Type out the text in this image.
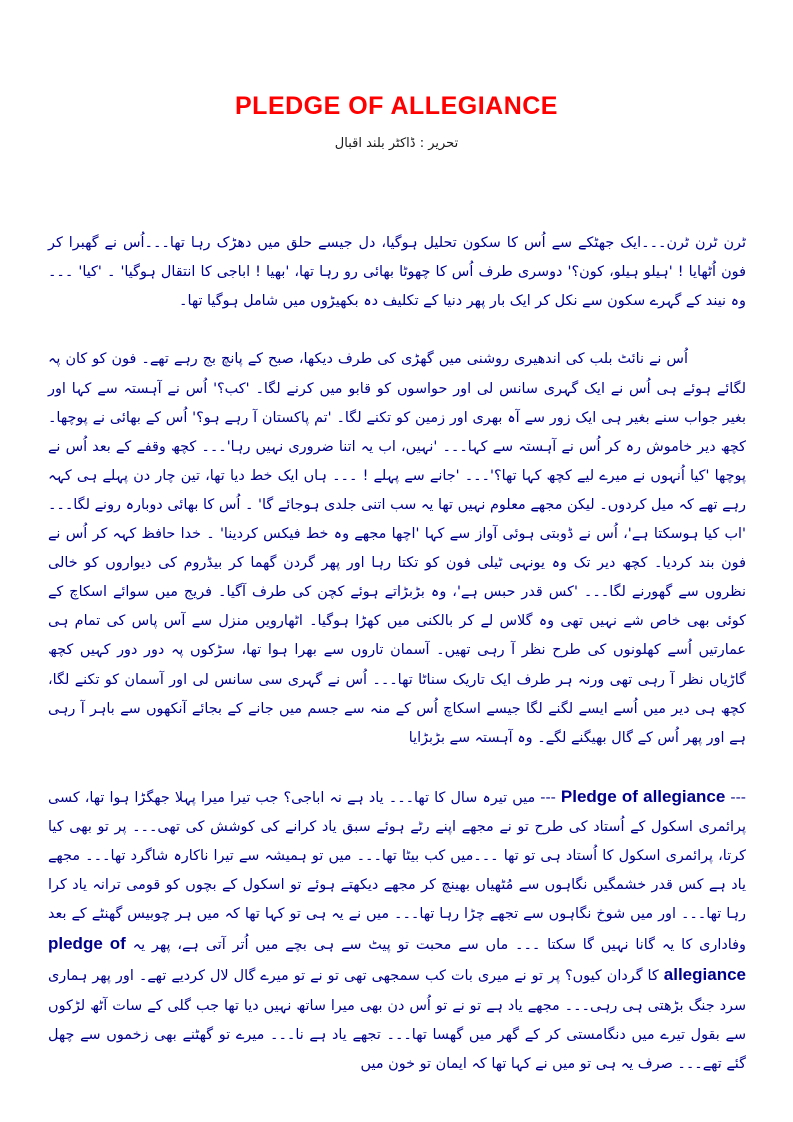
PLEDGE OF ALLEGIANCE
تحریر : ڈاکٹر بلند اقبال

ٹرن ٹرن ٹرن۔۔۔ایک جھٹکے سے اُس کا سکون تحلیل ہوگیا، دل جیسے حلق میں دھڑک رہا تھا۔۔۔اُس نے گھبرا کر فون اُٹھایا ! 'ہیلو ہیلو، کون؟' دوسری طرف اُس کا چھوٹا بھائی رو رہا تھا، 'بھیا ! اباجی کا انتقال ہوگیا' ۔ 'کیا' ۔۔۔وہ نیند کے گہرے سکون سے نکل کر ایک بار پھر دنیا کے تکلیف دہ بکھیڑوں میں شامل ہوگیا تھا۔

اُس نے نائٹ بلب کی اندھیری روشنی میں گھڑی کی طرف دیکھا، صبح کے پانچ بج رہے تھے۔ فون کو کان پہ لگائے ہوئے ہی اُس نے ایک گہری سانس لی اور حواسوں کو قابو میں کرنے لگا۔ 'کب؟' اُس نے آہستہ سے کہا اور بغیر جواب سنے بغیر ہی ایک زور سے آہ بھری اور زمین کو تکنے لگا۔ 'تم پاکستان آ رہے ہو؟' اُس کے بھائی نے پوچھا۔ کچھ دیر خاموش رہ کر اُس نے آہستہ سے کہا۔۔۔ 'نہیں، اب یہ اتنا ضروری نہیں رہا'۔۔۔ کچھ وقفے کے بعد اُس نے پوچھا 'کیا اُنہوں نے میرے لیے کچھ کہا تھا؟'۔۔۔ 'جانے سے پہلے ! ۔۔۔ ہاں ایک خط دیا تھا، تین چار دن پہلے ہی کہہ رہے تھے کہ میل کردوں۔ لیکن مجھے معلوم نہیں تھا یہ سب اتنی جلدی ہوجائے گا' ۔ اُس کا بھائی دوبارہ رونے لگا۔۔۔ 'اب کیا ہوسکتا ہے'، اُس نے ڈوبتی ہوئی آواز سے کہا 'اچھا مجھے وہ خط فیکس کردینا' ۔ خدا حافظ کہہ کر اُس نے فون بند کردیا۔ کچھ دیر تک وہ یونہی ٹیلی فون کو تکتا رہا اور پھر گردن گھما کر بیڈروم کی دیواروں کو خالی نظروں سے گھورنے لگا۔۔۔ 'کس قدر حبس ہے'، وہ بڑبڑاتے ہوئے کچن کی طرف آگیا۔ فریج میں سوائے اسکاچ کے کوئی بھی خاص شے نہیں تھی وہ گلاس لے کر بالکنی میں کھڑا ہوگیا۔ اٹھارویں منزل سے آس پاس کی تمام ہی عمارتیں اُسے کھلونوں کی طرح نظر آ رہی تھیں۔ آسمان تاروں سے بھرا ہوا تھا، سڑکوں پہ دور دور کہیں کچھ گاڑیاں نظر آ رہی تھی ورنہ ہر طرف ایک تاریک سناٹا تھا۔۔۔ اُس نے گہری سی سانس لی اور آسمان کو تکنے لگا، کچھ ہی دیر میں اُسے ایسے لگنے لگا جیسے اسکاچ اُس کے منہ سے جسم میں جانے کے بجائے آنکھوں سے باہر آ رہی ہے اور پھر اُس کے گال بھیگنے لگے۔ وہ آہستہ سے بڑبڑایا

--- Pledge of allegiance --- میں تیرہ سال کا تھا۔۔۔ یاد ہے نہ اباجی؟ جب تیرا میرا پہلا جھگڑا ہوا تھا، کسی پرائمری اسکول کے اُستاد کی طرح تو نے مجھے اپنے رٹے ہوئے سبق یاد کرانے کی کوشش کی تھی۔۔۔ پر تو بھی کیا کرتا، پرائمری اسکول کا اُستاد ہی تو تھا ۔۔۔میں کب بیٹا تھا۔۔۔ میں تو ہمیشہ سے تیرا ناکارہ شاگرد تھا۔۔۔ مجھے یاد ہے کس قدر خشمگیں نگاہوں سے مُٹھیاں بھینچ کر مجھے دیکھتے ہوئے تو اسکول کے بچوں کو قومی ترانہ یاد کرا رہا تھا۔۔۔ اور میں شوخ نگاہوں سے تجھے چڑا رہا تھا۔۔۔ میں نے یہ ہی تو کہا تھا کہ میں ہر چوبیس گھنٹے کے بعد وفاداری کا یہ گانا نہیں گا سکتا ۔۔۔ ماں سے محبت تو پیٹ سے ہی بچے میں اُتر آتی ہے، پھر یہ pledge of allegiance کا گردان کیوں؟ پر تو نے میری بات کب سمجھی تھی تو نے تو میرے گال لال کردیے تھے۔ اور پھر ہماری سرد جنگ بڑھتی ہی رہی۔۔۔ مجھے یاد ہے تو نے تو اُس دن بھی میرا ساتھ نہیں دیا تھا جب گلی کے سات آٹھ لڑکوں سے بقول تیرے میں دنگامستی کر کے گھر میں گھسا تھا۔۔۔ تجھے یاد ہے نا۔۔۔ میرے تو گھٹنے بھی زخموں سے چھل گئے تھے۔۔۔ صرف یہ ہی تو میں نے کہا تھا کہ ایمان تو خون میں
